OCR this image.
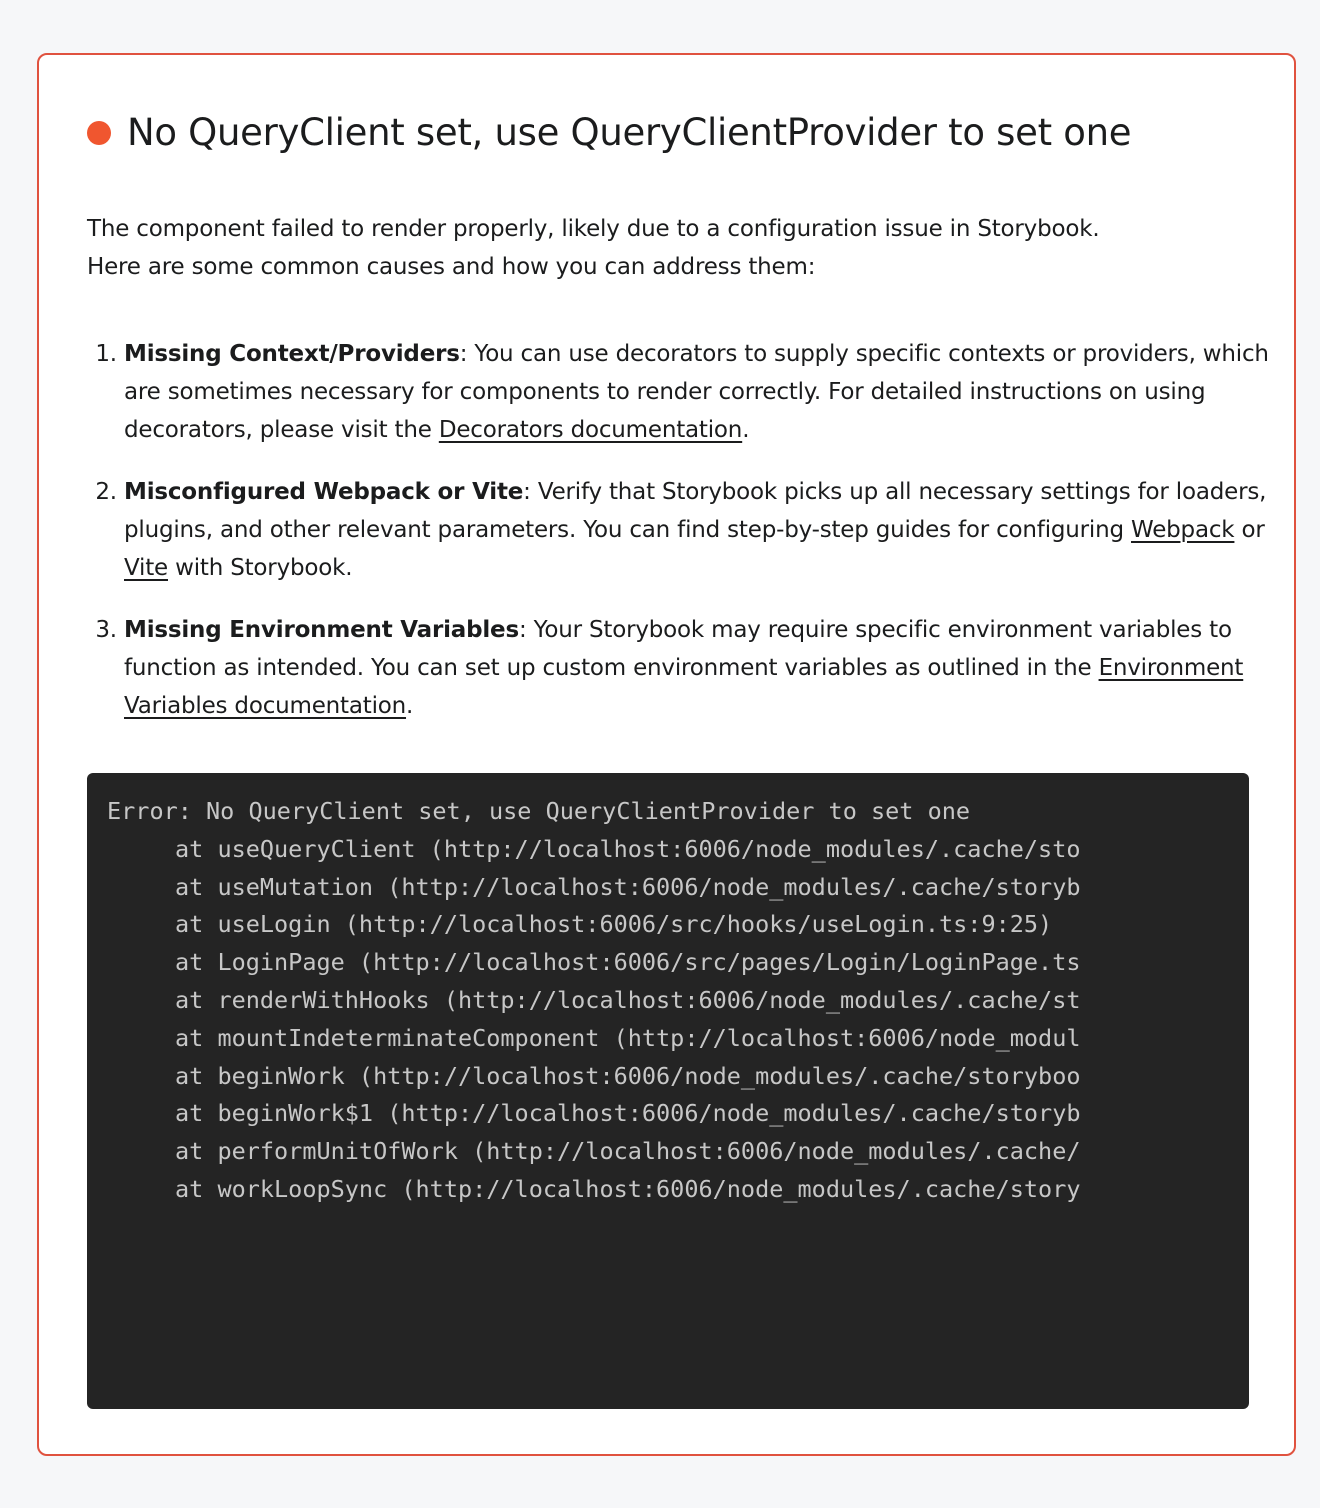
No QueryClient set, use QueryClientProvider to set one

The component failed to render properly, likely due to a configuration issue in Storybook.
Here are some common causes and how you can address them:

1. Missing Context/Providers: You can use decorators to supply specific contexts or providers, which are sometimes necessary for components to render correctly. For detailed instructions on using decorators, please visit the Decorators documentation.
2. Misconfigured Webpack or Vite: Verify that Storybook picks up all necessary settings for loaders, plugins, and other relevant parameters. You can find step-by-step guides for configuring Webpack or Vite with Storybook.
3. Missing Environment Variables: Your Storybook may require specific environment variables to function as intended. You can set up custom environment variables as outlined in the Environment Variables documentation.
Error: No QueryClient set, use QueryClientProvider to set one
at useQueryClient (http://localhost:6006/node_modules/.cache/sto
at useMutation (http://localhost:6006/node_modules/.cache/storyb
at useLogin (http://localhost:6006/src/hooks/useLogin.ts:9:25)
at LoginPage (http://localhost:6006/src/pages/Login/LoginPage.ts
at renderWithHooks (http://localhost:6006/node_modules/.cache/st
at mountIndeterminateComponent (http://localhost:6006/node_modul
at beginWork (http://localhost:6006/node_modules/.cache/storyboo
at beginWork$1 (http://localhost:6006/node_modules/.cache/storyb
at performUnitOfWork (http://localhost:6006/node_modules/.cache/
at workLoopSync (http://localhost:6006/node_modules/.cache/story
